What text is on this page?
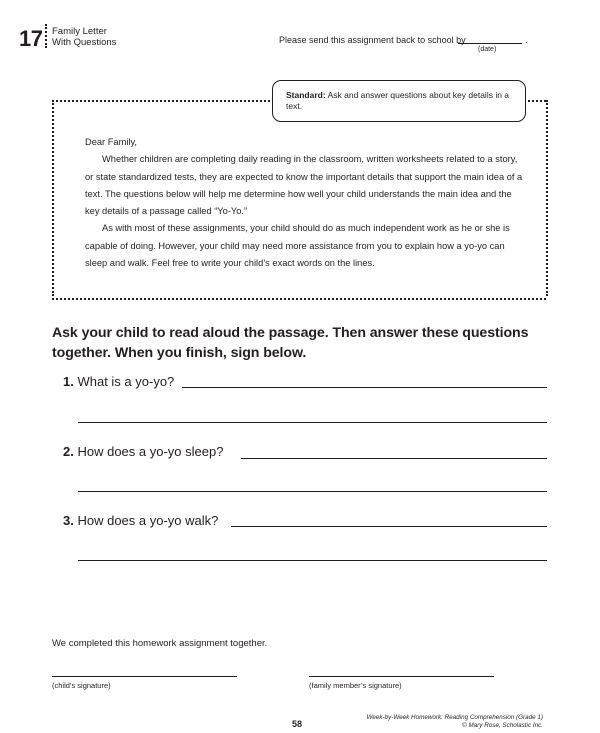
17 Family Letter
With Questions	Please send this assignment back to school by	.
(date)
Standard: Ask and answer questions about key details in a text.

Dear Family,

Whether children are completing daily reading in the classroom, written worksheets related to a story, or state standardized tests, they are expected to know the important details that support the main idea of a text. The questions below will help me determine how well your child understands the main idea and the key details of a passage called “Yo-Yo.”

As with most of these assignments, your child should do as much independent work as he or she is capable of doing. However, your child may need more assistance from you to explain how a yo-yo can sleep and walk. Feel free to write your child’s exact words on the lines.

Ask your child to read aloud the passage. Then answer these questions together. When you finish, sign below.
1. What is a yo-yo?
2. How does a yo-yo sleep?
3. How does a yo-yo walk?
We completed this homework assignment together.
(child’s signature)	(family member’s signature)
58
Week-by-Week Homework: Reading Comprehension (Grade 1)
© Mary Rose, Scholastic Inc.
